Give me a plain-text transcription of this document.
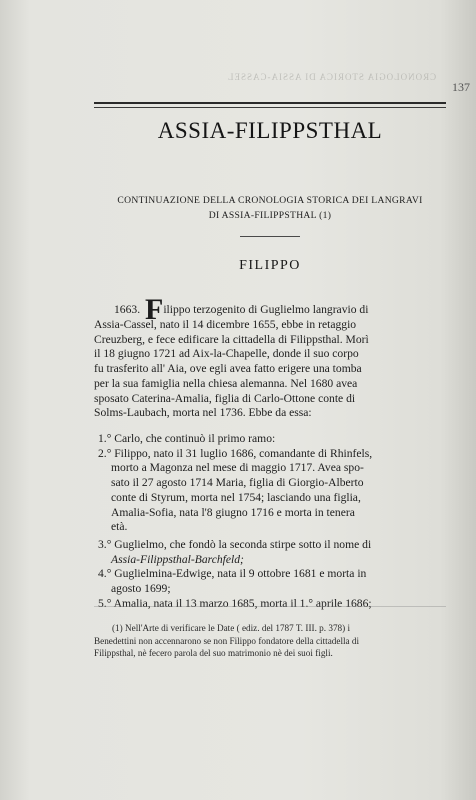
137
CRONOLOGIA STORICA DI ASSIA-CASSEL
ASSIA-FILIPPSTHAL
CONTINUAZIONE DELLA CRONOLOGIA STORICA DEI LANGRAVI
DI ASSIA-FILIPPSTHAL (1)
FILIPPO
1663. Filippo terzogenito di Guglielmo langravio di
Assia-Cassel, nato il 14 dicembre 1655, ebbe in retaggio
Creuzberg, e fece edificare la cittadella di Filippsthal. Morì
il 18 giugno 1721 ad Aix-la-Chapelle, donde il suo corpo
fu trasferito all' Aia, ove egli avea fatto erigere una tomba
per la sua famiglia nella chiesa alemanna. Nel 1680 avea
sposato Caterina-Amalia, figlia di Carlo-Ottone conte di
Solms-Laubach, morta nel 1736. Ebbe da essa:
1.° Carlo, che continuò il primo ramo:
2.° Filippo, nato il 31 luglio 1686, comandante di Rhinfels,
morto a Magonza nel mese di maggio 1717. Avea spo-
sato il 27 agosto 1714 Maria, figlia di Giorgio-Alberto
conte di Styrum, morta nel 1754; lasciando una figlia,
Amalia-Sofia, nata l'8 giugno 1716 e morta in tenera
età.
3.° Guglielmo, che fondò la seconda stirpe sotto il nome di
Assia-Filippsthal-Barchfeld;
4.° Guglielmina-Edwige, nata il 9 ottobre 1681 e morta in
agosto 1699;
5.° Amalia, nata il 13 marzo 1685, morta il 1.° aprile 1686;
(1) Nell'Arte di verificare le Date ( ediz. del 1787 T. III. p. 378) i
Benedettini non accennarono se non Filippo fondatore della cittadella di
Filippsthal, nè fecero parola del suo matrimonio nè dei suoi figli.
